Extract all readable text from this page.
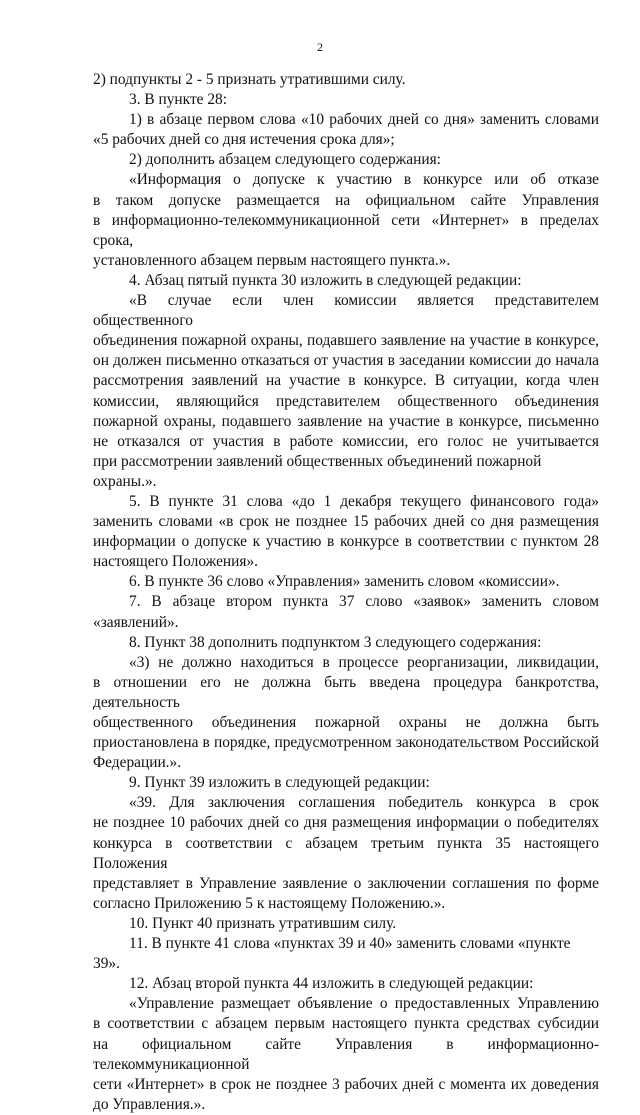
2

2) подпункты 2 - 5 признать утратившими силу.

3. В пункте 28:

1) в абзаце первом слова «10 рабочих дней со дня» заменить словами

«5 рабочих дней со дня истечения срока для»;

2) дополнить абзацем следующего содержания:

«Информация о допуске к участию в конкурсе или об отказе

в таком допуске размещается на официальном сайте Управления

в информационно-телекоммуникационной сети «Интернет» в пределах срока,

установленного абзацем первым настоящего пункта.».

4. Абзац пятый пункта 30 изложить в следующей редакции:

«В случае если член комиссии является представителем общественного

объединения пожарной охраны, подавшего заявление на участие в конкурсе,

он должен письменно отказаться от участия в заседании комиссии до начала

рассмотрения заявлений на участие в конкурсе. В ситуации, когда член

комиссии, являющийся представителем общественного объединения

пожарной охраны, подавшего заявление на участие в конкурсе, письменно

не отказался от участия в работе комиссии, его голос не учитывается

при рассмотрении заявлений общественных объединений пожарной охраны.».

5. В пункте 31 слова «до 1 декабря текущего финансового года»

заменить словами «в срок не позднее 15 рабочих дней со дня размещения

информации о допуске к участию в конкурсе в соответствии с пунктом 28

настоящего Положения».

6. В пункте 36 слово «Управления» заменить словом «комиссии».

7. В абзаце втором пункта 37 слово «заявок» заменить словом

«заявлений».

8. Пункт 38 дополнить подпунктом 3 следующего содержания:

«3) не должно находиться в процессе реорганизации, ликвидации,

в отношении его не должна быть введена процедура банкротства, деятельность

общественного объединения пожарной охраны не должна быть

приостановлена в порядке, предусмотренном законодательством Российской

Федерации.».

9. Пункт 39 изложить в следующей редакции:

«39. Для заключения соглашения победитель конкурса в срок

не позднее 10 рабочих дней со дня размещения информации о победителях

конкурса в соответствии с абзацем третьим пункта 35 настоящего Положения

представляет в Управление заявление о заключении соглашения по форме

согласно Приложению 5 к настоящему Положению.».

10. Пункт 40 признать утратившим силу.

11. В пункте 41 слова «пунктах 39 и 40» заменить словами «пункте 39».

12. Абзац второй пункта 44 изложить в следующей редакции:

«Управление размещает объявление о предоставленных Управлению

в соответствии с абзацем первым настоящего пункта средствах субсидии

на официальном сайте Управления в информационно-телекоммуникационной

сети «Интернет» в срок не позднее 3 рабочих дней с момента их доведения

до Управления.».
